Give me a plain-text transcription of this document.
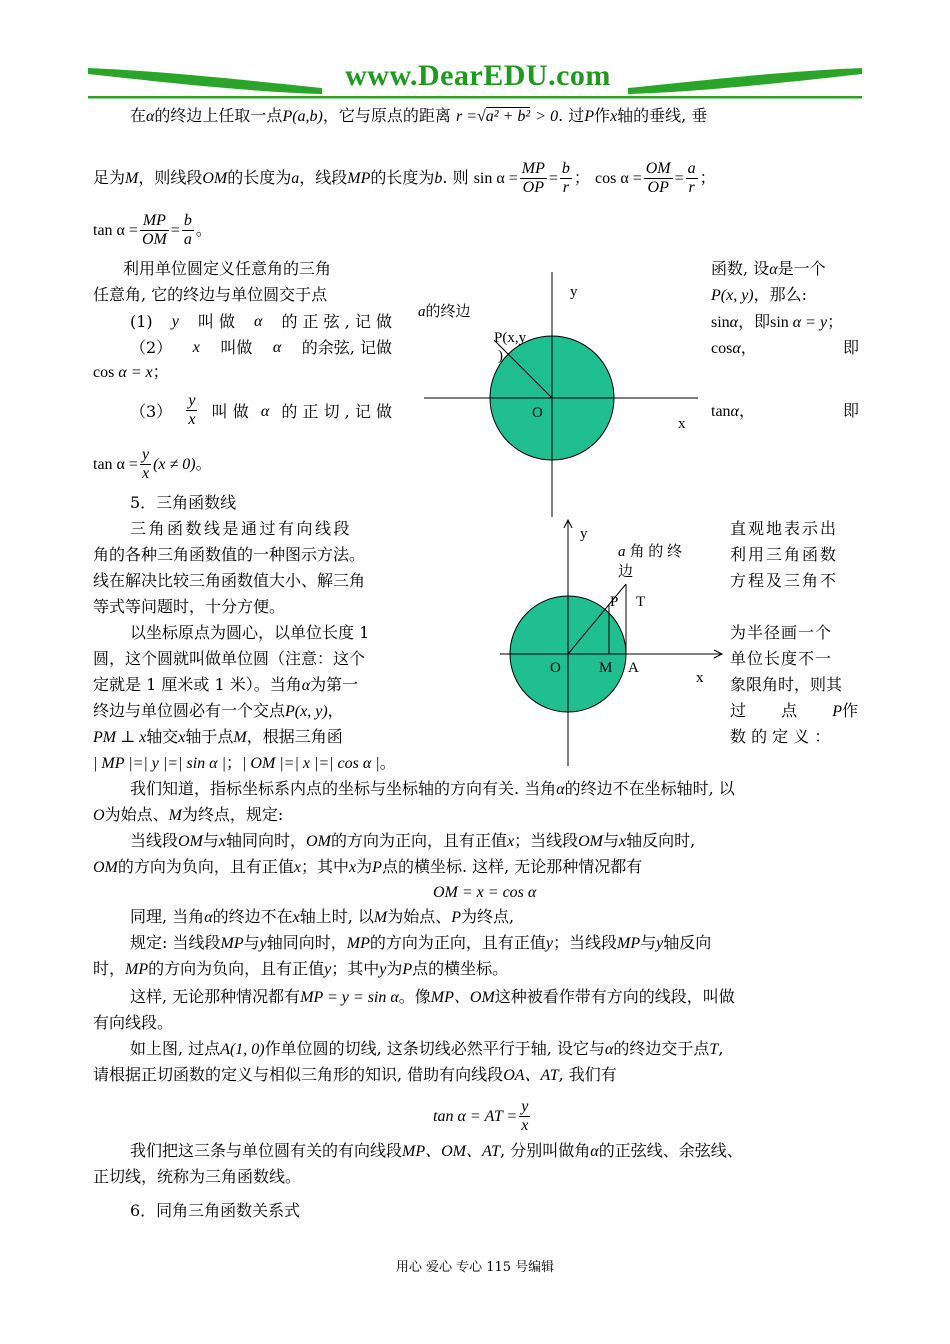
www.DearEDU.com
在α的终边上任取一点P(a,b)，它与原点的距离 r =√a² + b² > 0. 过P作x轴的垂线, 垂
足为M，则线段OM的长度为a，线段MP的长度为b. 则 $\sin \alpha = \frac{MP}{OP} = \frac{b}{r}$ ； $\cos \alpha = \frac{OM}{OP} = \frac{a}{r}$ ；
$\tan \alpha = \frac{MP}{OM} = \frac{b}{a}$ 。
利用单位圆定义任意角的三角	函数, 设α是一个
任意角, 它的终边与单位圆交于点	P(x, y)，那么:
(1) y 叫 做 α 的 正 弦 , 记 做	sinα，即sin α = y；
（2） x 叫做 α 的余弦, 记做	cosα，	即
cos α = x；
$(3) \frac{y}{x}$ 叫 做 α 的 正 切 , 记 做	tanα，	即
$\tan \alpha = \frac{y}{x} (x \ne 0)$。
y
x
O
a的终边
P(x,y
)
5．三角函数线
三角函数线是通过有向线段	直观地表示出
角的各种三角函数值的一种图示方法。	利用三角函数
线在解决比较三角函数值大小、解三角	方程及三角不
等式等问题时，十分方便。
以坐标原点为圆心，以单位长度 1	为半径画一个
圆，这个圆就叫做单位圆（注意：这个	单位长度不一
定就是 1 厘米或 1 米）。当角α为第一	象限角时，则其
终边与单位圆必有一个交点P(x, y)，	过 点 P作
PM ⊥ x轴交x轴于点M，根据三角函	数 的 定 义 ：
| MP |=| y |=| sin α |；| OM |=| x |=| cos α |。
y
x
O	M A
P T
a 角 的 终
边
我们知道，指标坐标系内点的坐标与坐标轴的方向有关. 当角α的终边不在坐标轴时, 以
O为始点、M为终点，规定:
当线段OM与x轴同向时，OM的方向为正向，且有正值x；当线段OM与x轴反向时,
OM的方向为负向，且有正值x；其中x为P点的横坐标. 这样, 无论那种情况都有
OM = x = cos α
同理, 当角α的终边不在x轴上时, 以M为始点、P为终点,
规定: 当线段MP与y轴同向时，MP的方向为正向，且有正值y；当线段MP与y轴反向
时，MP的方向为负向，且有正值y；其中y为P点的横坐标。
这样, 无论那种情况都有MP = y = sin α。像MP、OM这种被看作带有方向的线段，叫做
有向线段。
如上图, 过点A(1, 0)作单位圆的切线, 这条切线必然平行于轴, 设它与α的终边交于点T,
请根据正切函数的定义与相似三角形的知识, 借助有向线段OA、AT, 我们有
tan α = AT = $\frac{y}{x}$
我们把这三条与单位圆有关的有向线段MP、OM、AT, 分别叫做角α的正弦线、余弦线、
正切线，统称为三角函数线。
6．同角三角函数关系式
用心 爱心 专心 115 号编辑
